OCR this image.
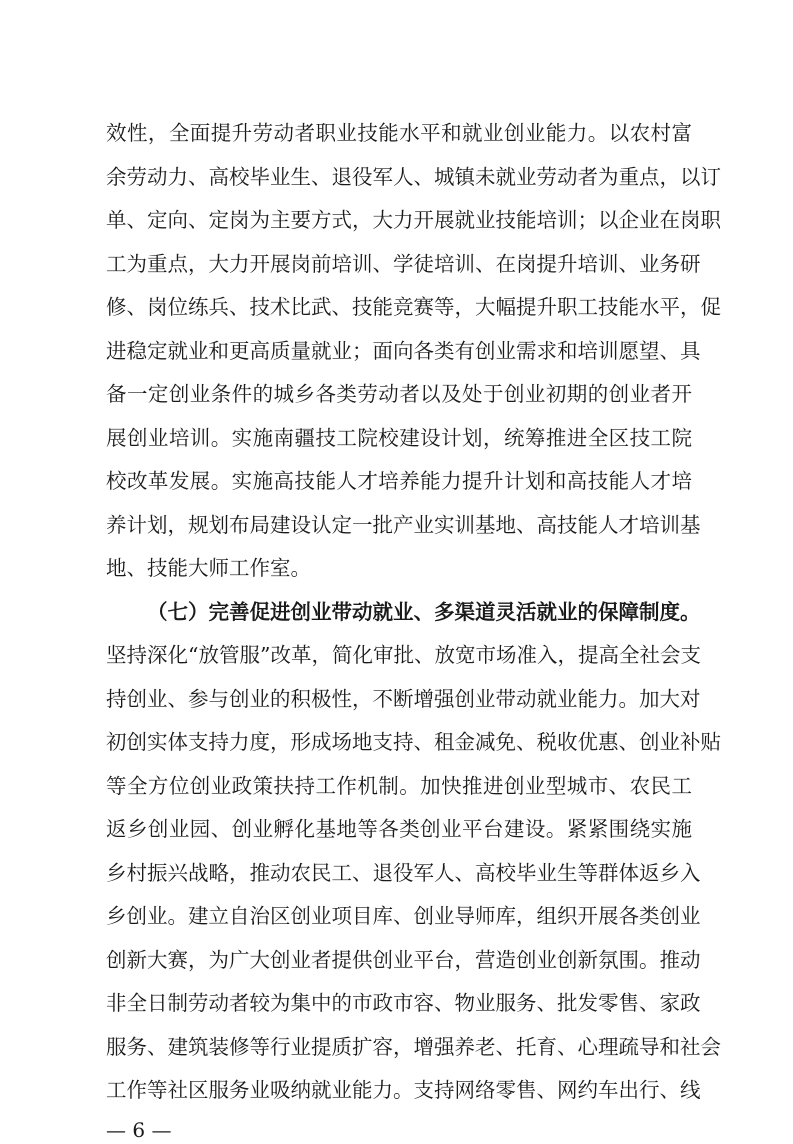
效性，全面提升劳动者职业技能水平和就业创业能力。以农村富
余劳动力、高校毕业生、退役军人、城镇未就业劳动者为重点，以订
单、定向、定岗为主要方式，大力开展就业技能培训；以企业在岗职
工为重点，大力开展岗前培训、学徒培训、在岗提升培训、业务研
修、岗位练兵、技术比武、技能竞赛等，大幅提升职工技能水平，促
进稳定就业和更高质量就业；面向各类有创业需求和培训愿望、具
备一定创业条件的城乡各类劳动者以及处于创业初期的创业者开
展创业培训。实施南疆技工院校建设计划，统筹推进全区技工院
校改革发展。实施高技能人才培养能力提升计划和高技能人才培
养计划，规划布局建设认定一批产业实训基地、高技能人才培训基
地、技能大师工作室。
（七）完善促进创业带动就业、多渠道灵活就业的保障制度。
坚持深化“放管服”改革，简化审批、放宽市场准入，提高全社会支
持创业、参与创业的积极性，不断增强创业带动就业能力。加大对
初创实体支持力度，形成场地支持、租金减免、税收优惠、创业补贴
等全方位创业政策扶持工作机制。加快推进创业型城市、农民工
返乡创业园、创业孵化基地等各类创业平台建设。紧紧围绕实施
乡村振兴战略，推动农民工、退役军人、高校毕业生等群体返乡入
乡创业。建立自治区创业项目库、创业导师库，组织开展各类创业
创新大赛，为广大创业者提供创业平台，营造创业创新氛围。推动
非全日制劳动者较为集中的市政市容、物业服务、批发零售、家政
服务、建筑装修等行业提质扩容，增强养老、托育、心理疏导和社会
工作等社区服务业吸纳就业能力。支持网络零售、网约车出行、线
— 6 —
